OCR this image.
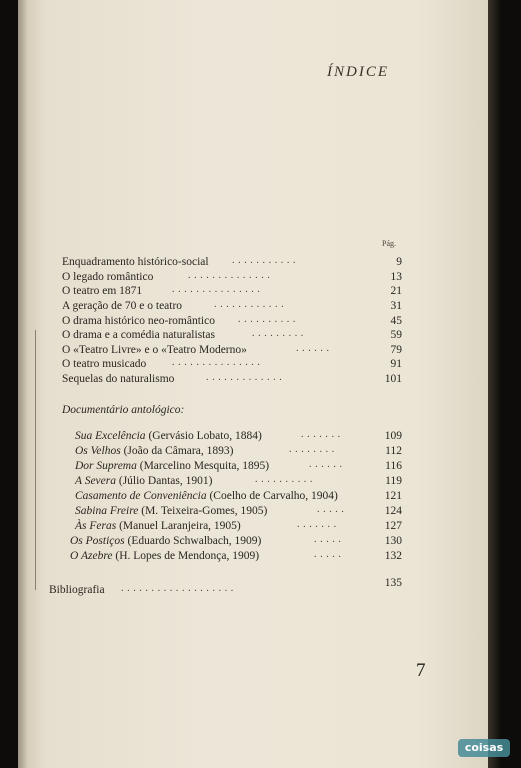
ÍNDICE
Pág.
Enquadramento histórico-social ...........	9
O legado romântico	..............	13
O teatro em 1871	...............	21
A geração de 70 e o teatro	............	31
O drama histórico neo-romântico ..........	45
O drama e a comédia naturalistas	.........	59
O «Teatro Livre» e o «Teatro Moderno»	......	79
O teatro musicado	...............	91
Sequelas do naturalismo	.............	101
Documentário antológico:
Sua Excelência (Gervásio Lobato, 1884)	.......	109
Os Velhos (João da Câmara, 1893)	........	112
Dor Suprema (Marcelino Mesquita, 1895)	......	116
A Severa (Júlio Dantas, 1901)	..........	119
Casamento de Conveniência (Coelho de Carvalho, 1904)	121
Sabina Freire (M. Teixeira-Gomes, 1905)	.....	124
Às Feras (Manuel Laranjeira, 1905)	.......	127
Os Postiços (Eduardo Schwalbach, 1909)	.....	130
O Azebre (H. Lopes de Mendonça, 1909)	.....	132
Bibliografia ...................	135
7
coisas
